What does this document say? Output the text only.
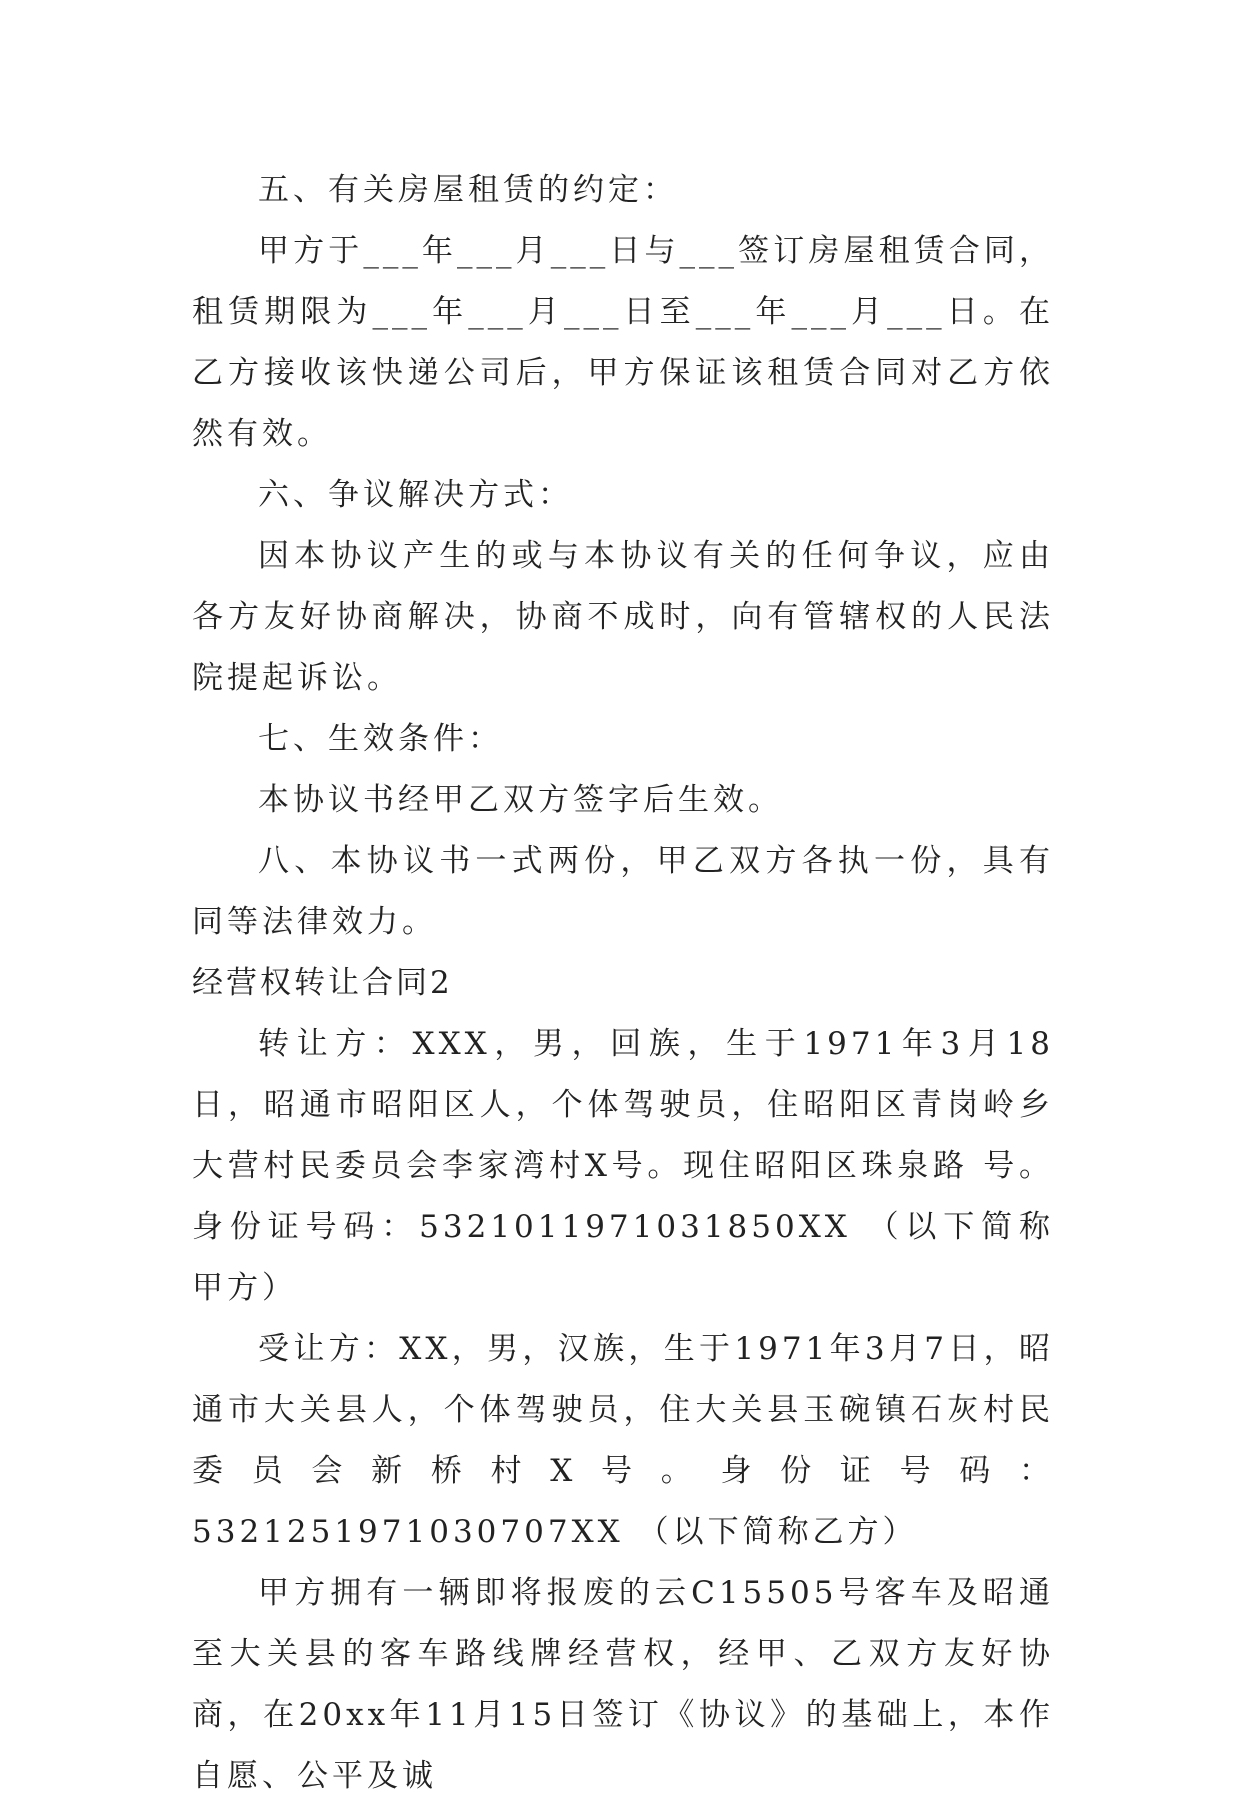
五、有关房屋租赁的约定：

甲方于___年___月___日与___签订房屋租赁合同，租赁期限为___年___月___日至___年___月___日。在乙方接收该快递公司后，甲方保证该租赁合同对乙方依然有效。

六、争议解决方式：

因本协议产生的或与本协议有关的任何争议，应由各方友好协商解决，协商不成时，向有管辖权的人民法院提起诉讼。

七、生效条件：

本协议书经甲乙双方签字后生效。

八、本协议书一式两份，甲乙双方各执一份，具有同等法律效力。

经营权转让合同2

转让方：XXX，男，回族，生于1971年3月18日，昭通市昭阳区人，个体驾驶员，住昭阳区青岗岭乡大营村民委员会李家湾村X号。现住昭阳区珠泉路 号。身份证号码：5321011971031850XX （以下简称甲方）

受让方：XX，男，汉族，生于1971年3月7日，昭通市大关县人，个体驾驶员，住大关县玉碗镇石灰村民委员会新桥村X号。身份证号码：5321251971030707XX （以下简称乙方）

甲方拥有一辆即将报废的云C15505号客车及昭通至大关县的客车路线牌经营权，经甲、乙双方友好协商，在20xx年11月15日签订《协议》的基础上，本作自愿、公平及诚
